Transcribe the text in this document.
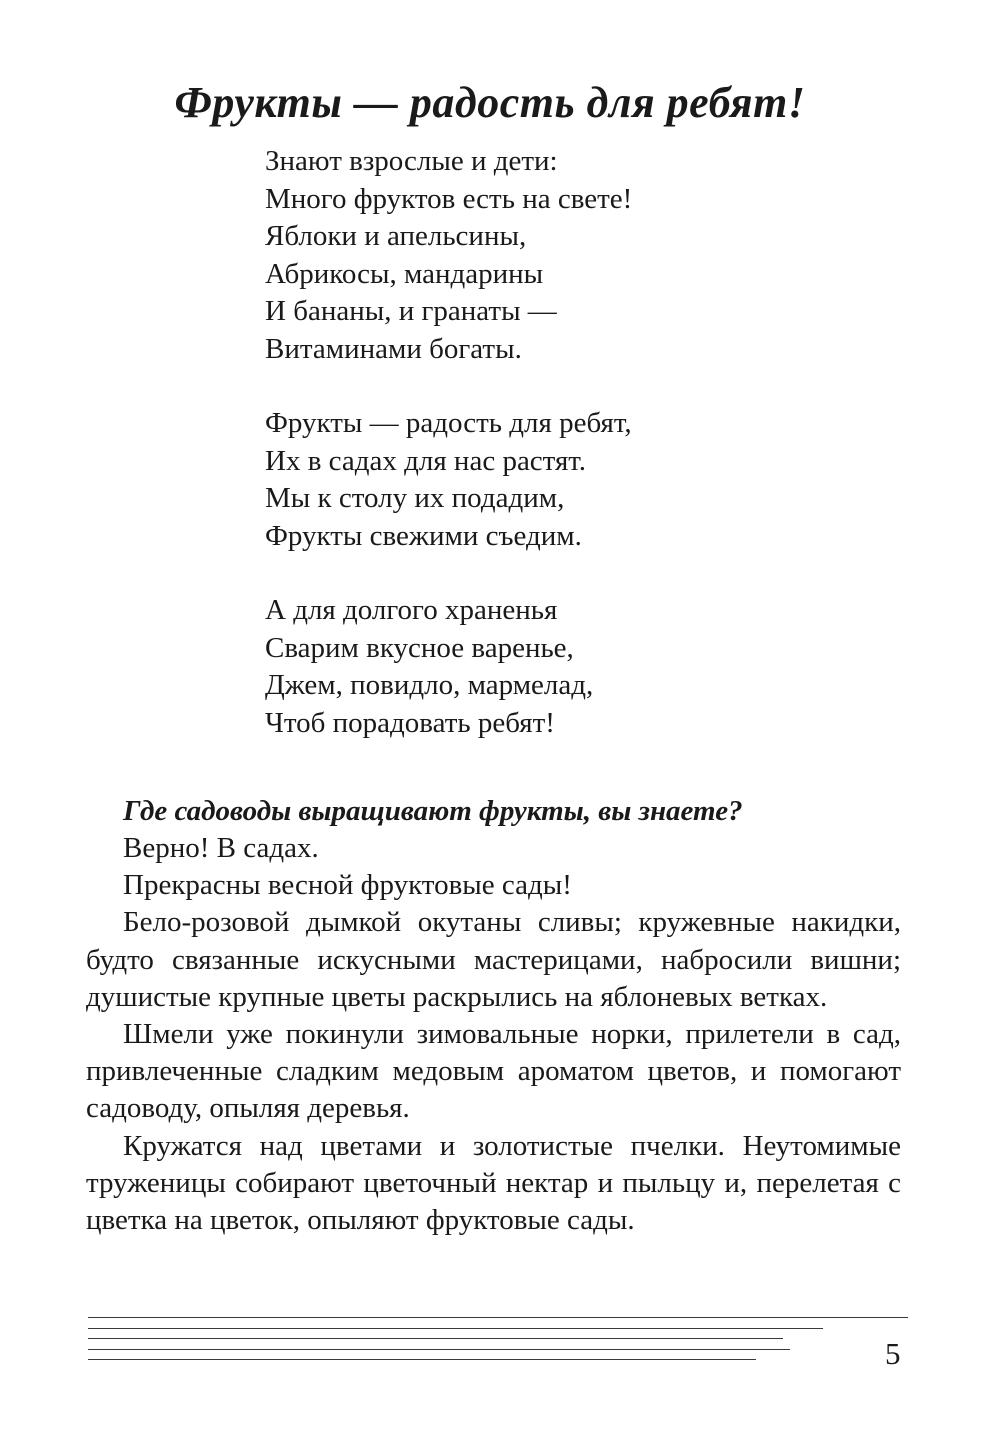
Фрукты — радость для ребят!
Знают взрослые и дети:
Много фруктов есть на свете!
Яблоки и апельсины,
Абрикосы, мандарины
И бананы, и гранаты —
Витаминами богаты.
Фрукты — радость для ребят,
Их в садах для нас растят.
Мы к столу их подадим,
Фрукты свежими съедим.
А для долгого храненья
Сварим вкусное варенье,
Джем, повидло, мармелад,
Чтоб порадовать ребят!
Где садоводы выращивают фрукты, вы знаете?
Верно! В садах.
Прекрасны весной фруктовые сады!

Бело-розовой дымкой окутаны сливы; кружевные накидки, будто связанные искусными мастерицами, набросили вишни; душистые крупные цветы раскрылись на яблоневых ветках.

Шмели уже покинули зимовальные норки, прилетели в сад, привлеченные сладким медовым ароматом цветов, и помогают садоводу, опыляя деревья.

Кружатся над цветами и золотистые пчелки. Неутомимые труженицы собирают цветочный нектар и пыльцу и, перелетая с цветка на цветок, опыляют фруктовые сады.

5
